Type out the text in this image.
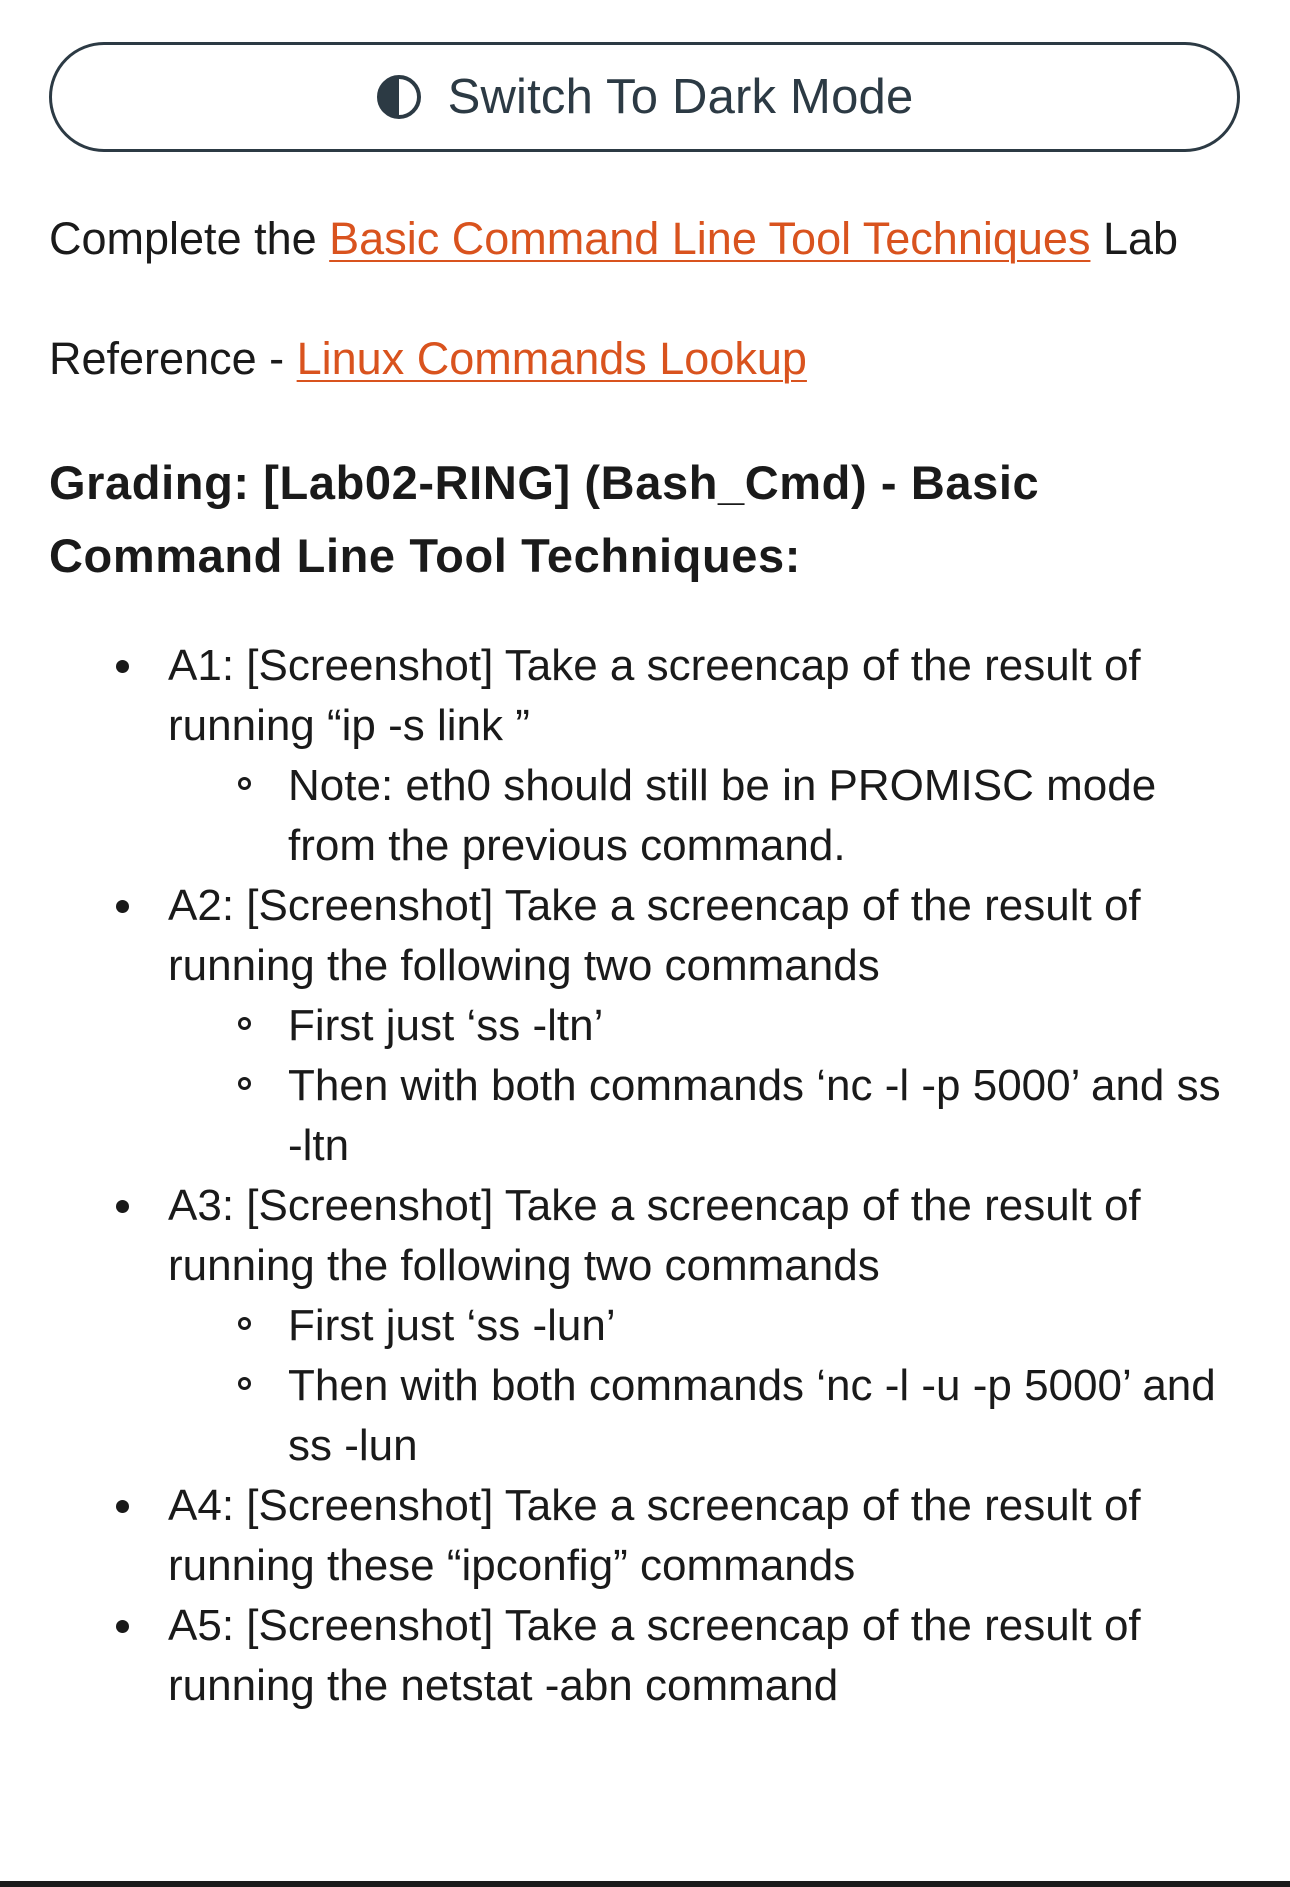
Switch To Dark Mode
Complete the Basic Command Line Tool Techniques Lab
Reference - Linux Commands Lookup
Grading: [Lab02-RING] (Bash_Cmd) - Basic Command Line Tool Techniques:
A1: [Screenshot] Take a screencap of the result of running “ip -s link ”
Note: eth0 should still be in PROMISC mode from the previous command.
A2: [Screenshot] Take a screencap of the result of running the following two commands
First just ‘ss -ltn’
Then with both commands ‘nc -l -p 5000’ and ss -ltn
A3: [Screenshot] Take a screencap of the result of running the following two commands
First just ‘ss -lun’
Then with both commands ‘nc -l -u -p 5000’ and ss -lun
A4: [Screenshot] Take a screencap of the result of running these “ipconfig” commands
A5: [Screenshot] Take a screencap of the result of running the netstat -abn command
